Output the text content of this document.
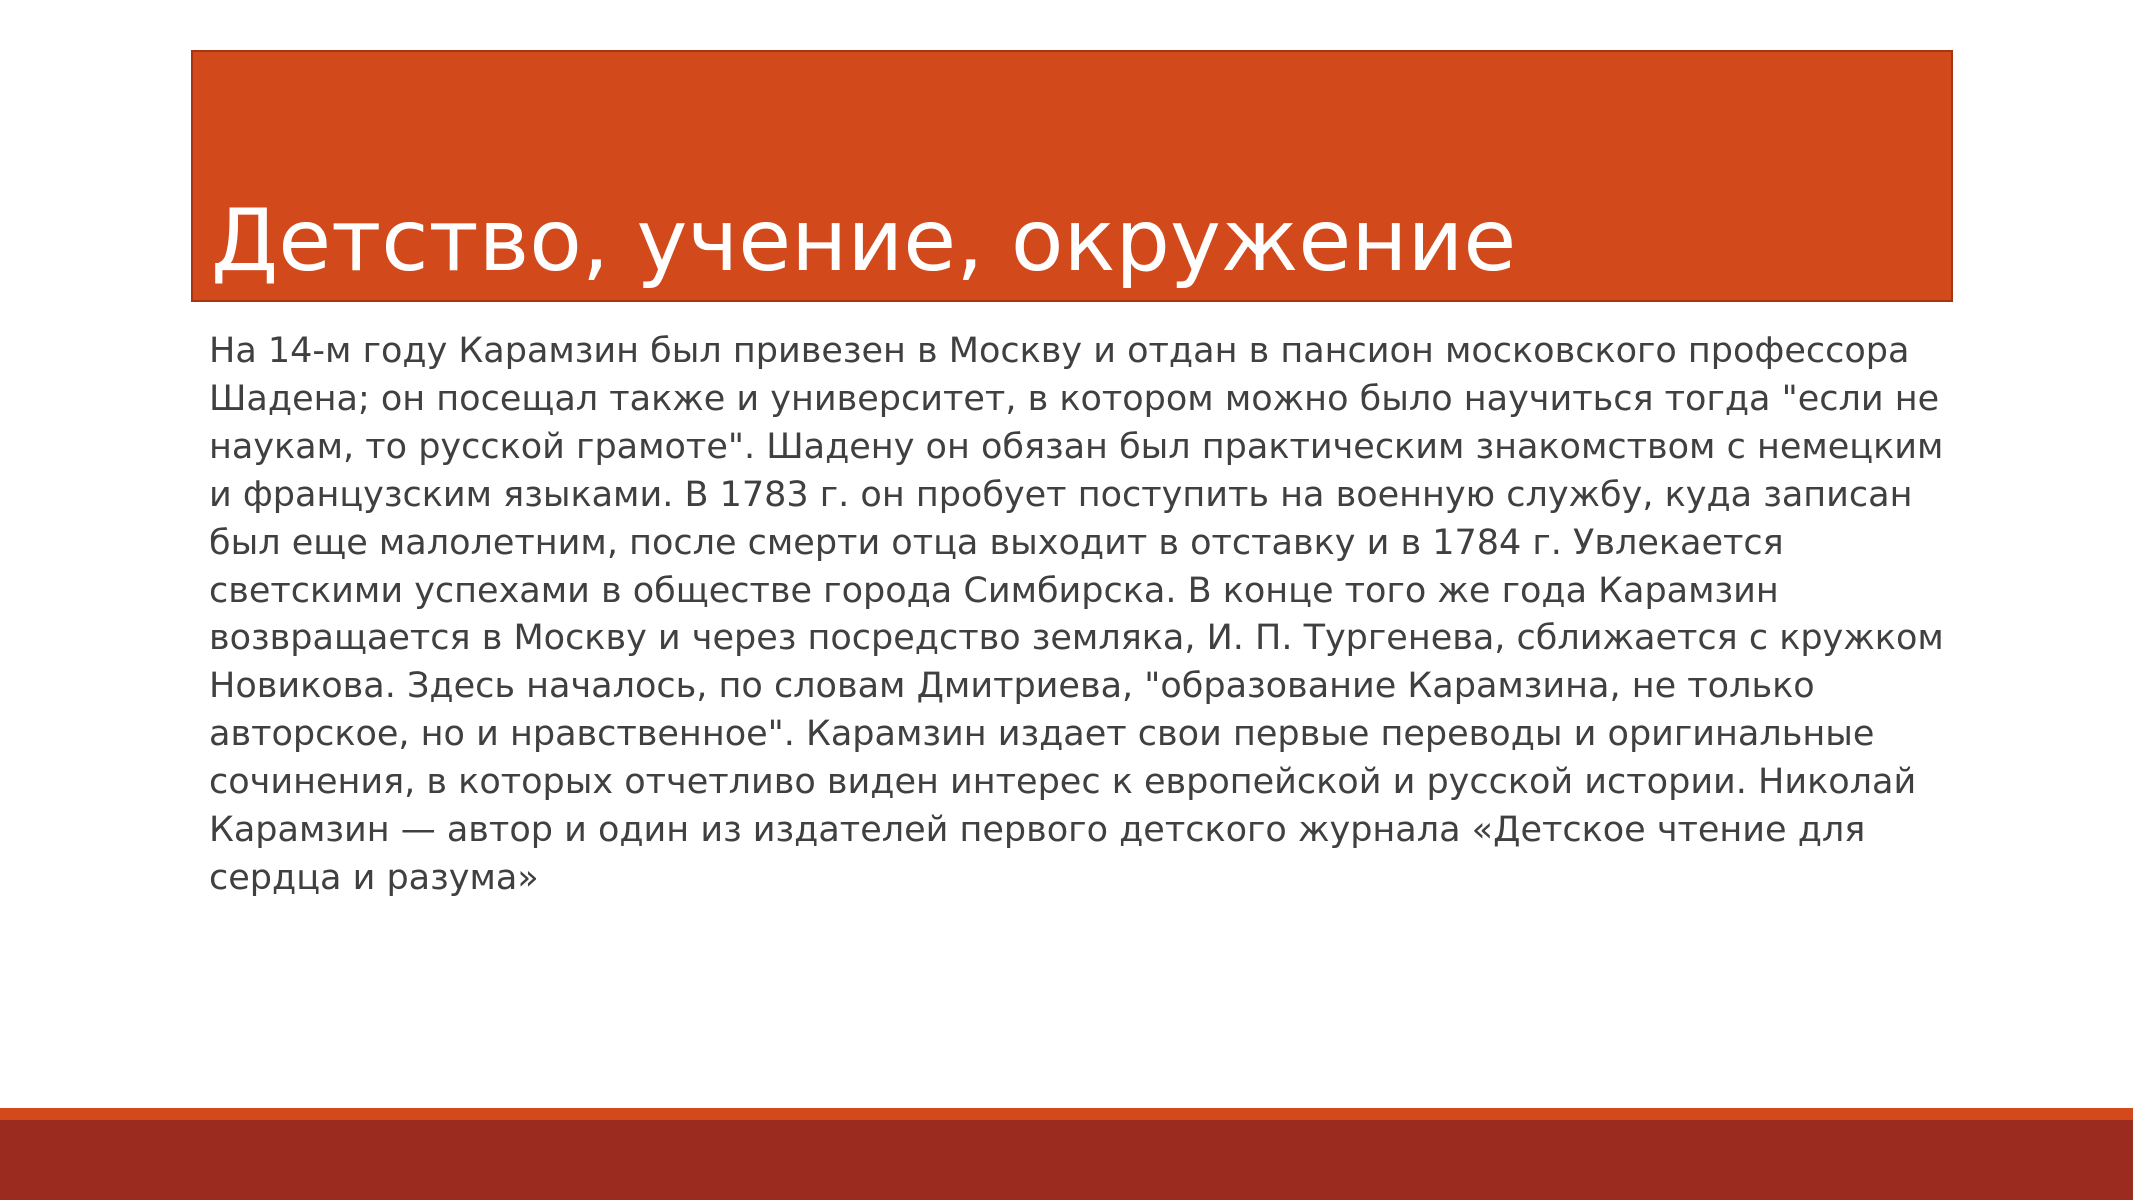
Детство, учение, окружение

На 14-м году Карамзин был привезен в Москву и отдан в пансион московского профессора Шадена; он посещал также и университет, в котором можно было научиться тогда "если не наукам, то русской грамоте". Шадену он обязан был практическим знакомством с немецким и французским языками. В 1783 г. он пробует поступить на военную службу, куда записан был еще малолетним, после смерти отца выходит в отставку и в 1784 г. Увлекается светскими успехами в обществе города Симбирска. В конце того же года Карамзин возвращается в Москву и через посредство земляка, И. П. Тургенева, сближается с кружком Новикова. Здесь началось, по словам Дмитриева, "образование Карамзина, не только авторское, но и нравственное". Карамзин издает свои первые переводы и оригинальные сочинения, в которых отчетливо виден интерес к европейской и русской истории. Николай Карамзин — автор и один из издателей первого детского журнала «Детское чтение для сердца и разума»
